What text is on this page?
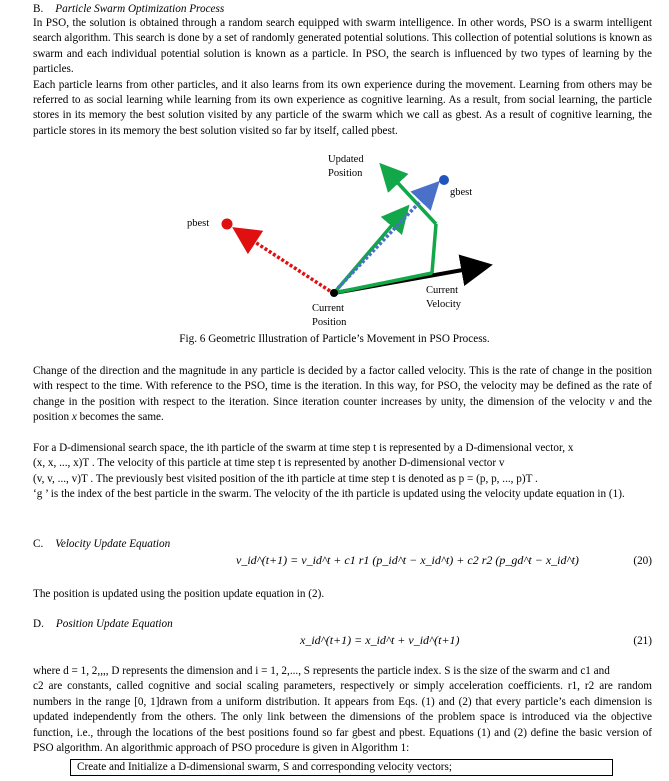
B. Particle Swarm Optimization Process

In PSO, the solution is obtained through a random search equipped with swarm intelligence. In other words, PSO is a swarm intelligent search algorithm. This search is done by a set of randomly generated potential solutions. This collection of potential solutions is known as swarm and each individual potential solution is known as a particle. In PSO, the search is influenced by two types of learning by the particles.

Each particle learns from other particles, and it also learns from its own experience during the movement. Learning from others may be referred to as social learning while learning from its own experience as cognitive learning. As a result, from social learning, the particle stores in its memory the best solution visited by any particle of the swarm which we call as gbest. As a result of cognitive learning, the particle stores in its memory the best solution visited so far by itself, called pbest.

Updated
Position
gbest
pbest
Current
Velocity
Current
Position
Fig. 6 Geometric Illustration of Particle’s Movement in PSO Process.
Change of the direction and the magnitude in any particle is decided by a factor called velocity. This is the rate of change in the position with respect to the time. With reference to the PSO, time is the iteration. In this way, for PSO, the velocity may be defined as the rate of change in the position with respect to the iteration. Since iteration counter increases by unity, the dimension of the velocity v and the position x becomes the same.
For a D-dimensional search space, the ith particle of the swarm at time step t is represented by a D-dimensional vector, x
(x, x, ..., x)T . The velocity of this particle at time step t is represented by another D-dimensional vector v
(v, v, ..., v)T . The previously best visited position of the ith particle at time step t is denoted as p = (p, p, ..., p)T .
‘g ’ is the index of the best particle in the swarm. The velocity of the ith particle is updated using the velocity update equation in (1).
C. Velocity Update Equation
v_id^(t+1) = v_id^t + c1 r1 (p_id^t − x_id^t) + c2 r2 (p_gd^t − x_id^t)	(20)
The position is updated using the position update equation in (2).
D. Position Update Equation
x_id^(t+1) = x_id^t + v_id^(t+1)	(21)
where d = 1, 2,,,, D represents the dimension and i = 1, 2,..., S represents the particle index. S is the size of the swarm and c1 and
c2 are constants, called cognitive and social scaling parameters, respectively or simply acceleration coefficients. r1, r2 are random numbers in the range [0, 1]drawn from a uniform distribution. It appears from Eqs. (1) and (2) that every particle’s each dimension is updated independently from the others. The only link between the dimensions of the problem space is introduced via the objective function, i.e., through the locations of the best positions found so far gbest and pbest. Equations (1) and (2) define the basic version of PSO algorithm. An algorithmic approach of PSO procedure is given in Algorithm 1:
Create and Initialize a D-dimensional swarm, S and corresponding velocity vectors;
